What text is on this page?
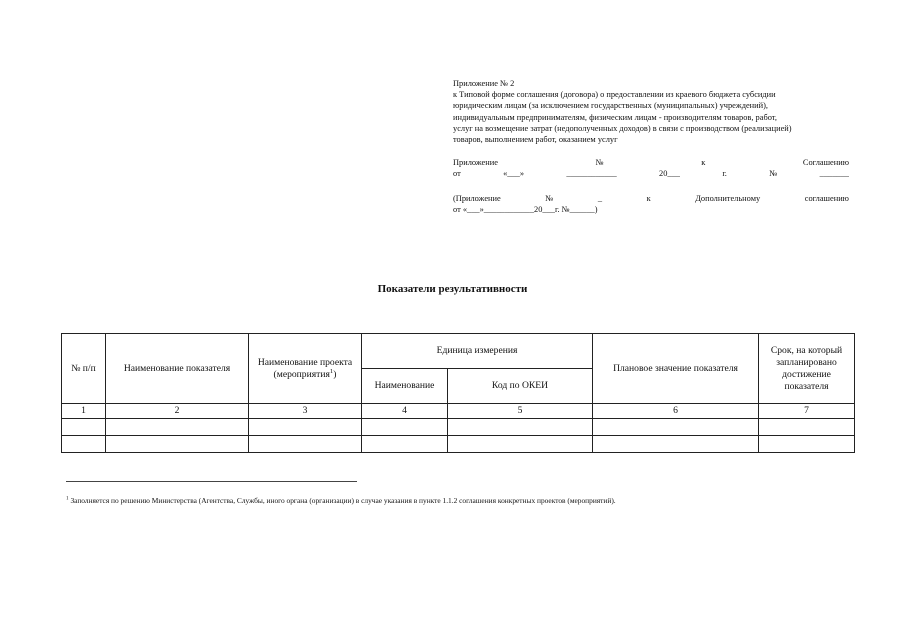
Приложение № 2
к Типовой форме соглашения (договора) о предоставлении из краевого бюджета субсидии
юридическим лицам (за исключением государственных (муниципальных) учреждений),
индивидуальным предпринимателям, физическим лицам - производителям товаров, работ,
услуг на возмещение затрат (недополученных доходов) в связи с производством (реализацией)
товаров, выполнением работ, оказанием услуг
Приложение	№	к	Соглашению
от	«___»	____________	20___	г.	№	_______
(Приложение	№	_	к	Дополнительному	соглашению
от «___»____________20___г. №______)
Показатели результативности
№ п/п	Наименование показателя	Наименование проекта (мероприятия$^1$)	Единица измерения		Плановое значение показателя	Срок, на который запланировано достижение показателя
			Наименование	Код по ОКЕИ		
1	2	3	4	5	6	7

$^1$ Заполняется по решению Министерства (Агентства, Службы, иного органа (организации) в случае указания в пункте 1.1.2 соглашения конкретных проектов (мероприятий).
